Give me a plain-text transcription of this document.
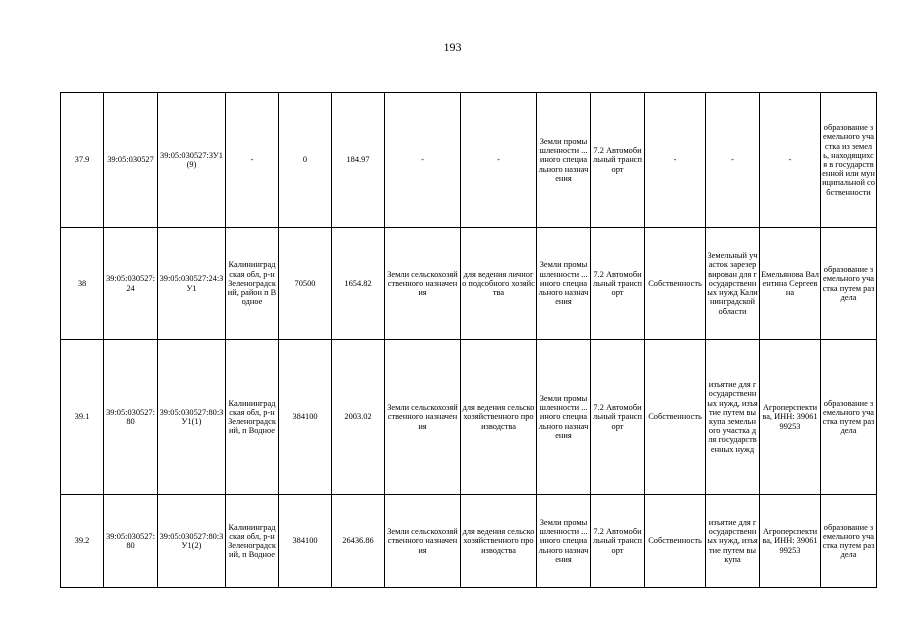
193
37.9	39:05:030527	39:05:030527:ЗУ1(9)	-	0	184.97	-	-	Земли промышленности ...иного специального назначения	7.2 Автомобильный транспорт	-	-	-	образование земельного участка из земель, находящихся в государственной или муниципальной собственности
38	39:05:030527:24	39:05:030527:24:ЗУ1	Калининградская обл, р-н Зеленоградский, район п Водное	70500	1654.82	Земли сельскохозяйственного назначения	для ведения личного подсобного хозяйства	Земли промышленности ...иного специального назначения	7.2 Автомобильный транспорт	Собственность	Земельный участок зарезервирован для государственных нужд Калининградской области	Емельянова Валентина Сергеевна	образование земельного участка путем раздела
39.1	39:05:030527:80	39:05:030527:80:ЗУ1(1)	Калининградская обл, р-н Зеленоградский, п Водное	384100	2003.02	Земли сельскохозяйственного назначения	для ведения сельскохозяйственного производства	Земли промышленности ...иного специального назначения	7.2 Автомобильный транспорт	Собственность	изъятие для государственных нужд, изъятие путем выкупа земельного участка для государственных нужд	Агроперспектива, ИНН: 3906199253	образование земельного участка путем раздела
39.2	39:05:030527:80	39:05:030527:80:ЗУ1(2)	Калининградская обл, р-н Зеленоградский, п Водное	384100	26436.86	Земли сельскохозяйственного назначения	для ведения сельскохозяйственного производства	Земли промышленности ...иного специального назначения	7.2 Автомобильный транспорт	Собственность	изъятие для государственных нужд, изъятие путем выкупа	Агроперспектива, ИНН: 3906199253	образование земельного участка путем раздела
